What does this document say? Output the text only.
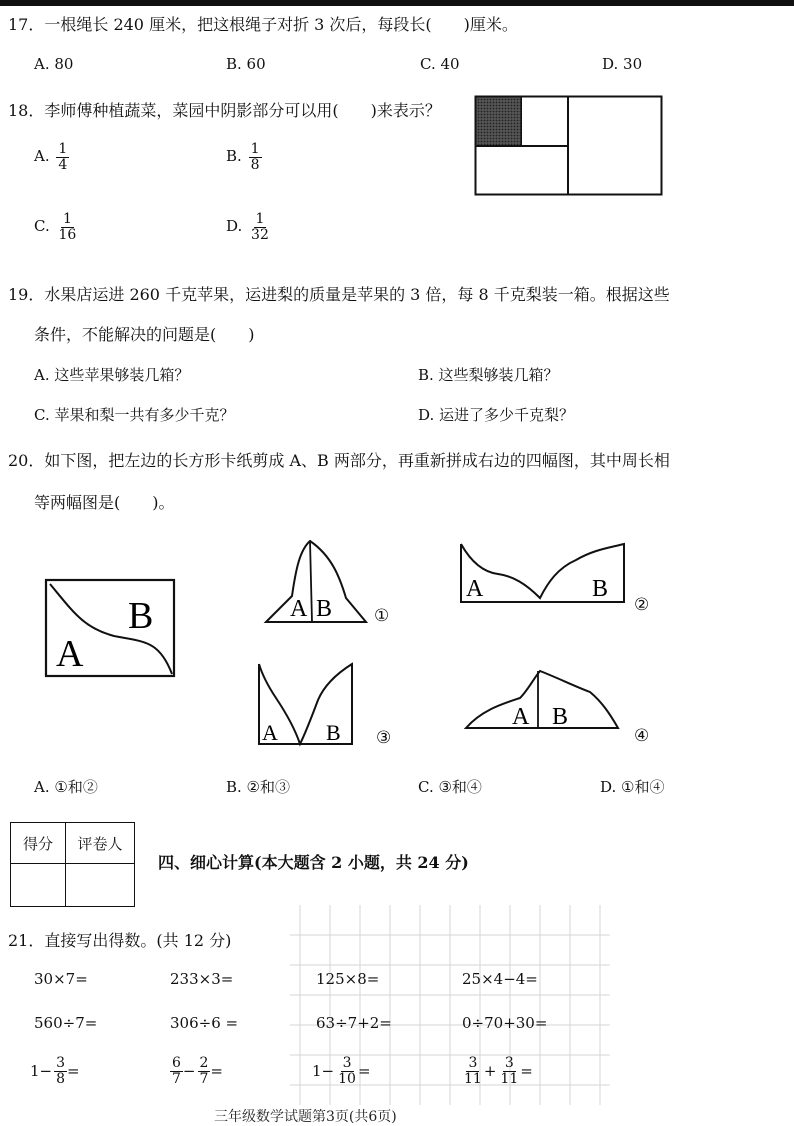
17．一根绳长 240 厘米，把这根绳子对折 3 次后，每段长(　　)厘米。
A. 80	B. 60	C. 40	D. 30
18．李师傅种植蔬菜，菜园中阴影部分可以用(　　)来表示？
A. $\frac{1}{4}$	B. $\frac{1}{8}$
C. $\frac{1}{16}$	D. $\frac{1}{32}$
19．水果店运进 260 千克苹果，运进梨的质量是苹果的 3 倍，每 8 千克梨装一箱。根据这些
条件，不能解决的问题是(　　)
A. 这些苹果够装几箱？	B. 这些梨够装几箱？
C. 苹果和梨一共有多少千克？	D. 运进了多少千克梨？
20．如下图，把左边的长方形卡纸剪成 A、B 两部分，再重新拼成右边的四幅图，其中周长相
等两幅图是(　　)。
A
B	A B ①
A	B
②
A B ③
A B
④
A. ①和②	B. ②和③	C. ③和④	D. ①和④
得分	评卷人

四、细心计算(本大题含 2 小题，共 24 分)
21．直接写出得数。(共 12 分)
30×7=	233×3=	125×8=	25×4−4=
560÷7=	306÷6 =	63÷7+2=	0÷70+30=
$1- \frac{3}{8}$ =	$\frac{6}{7} - \frac{2}{7}$ =	$1- \frac{3}{10}$ =	$\frac{3}{11} + \frac{3}{11}$ =
三年级数学试题第3页(共6页)
